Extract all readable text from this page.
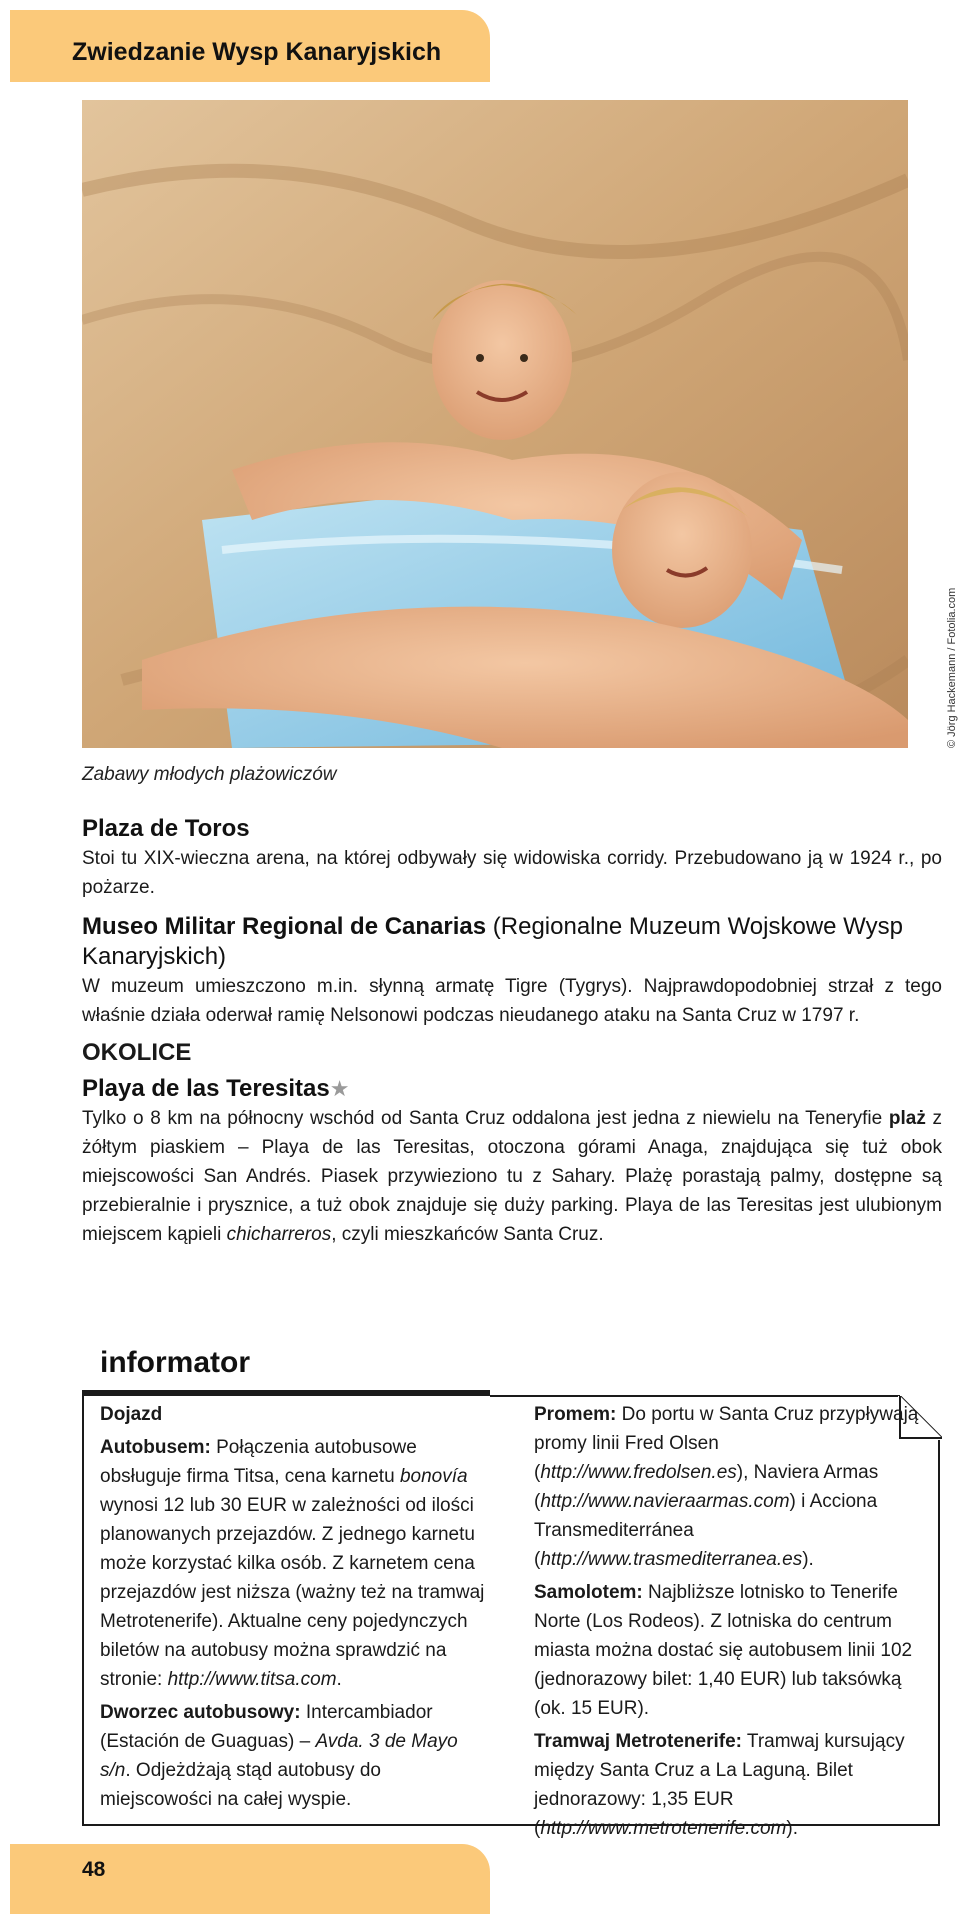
Zwiedzanie Wysp Kanaryjskich
© Jörg Hackemann / Fotolia.com
Zabawy młodych plażowiczów
Plaza de Toros
Stoi tu XIX-wieczna arena, na której odbywały się widowiska corridy. Przebudowano ją w 1924 r., po pożarze.
Museo Militar Regional de Canarias (Regionalne Muzeum Wojskowe Wysp Kanaryjskich)
W muzeum umieszczono m.in. słynną armatę Tigre (Tygrys). Najprawdopodobniej strzał z tego właśnie działa oderwał ramię Nelsonowi podczas nieudanego ataku na Santa Cruz w 1797 r.
OKOLICE
Playa de las Teresitas★
Tylko o 8 km na północny wschód od Santa Cruz oddalona jest jedna z niewielu na Teneryfie plaż z żółtym piaskiem – Playa de las Teresitas, otoczona górami Anaga, znajdująca się tuż obok miejscowości San Andrés. Piasek przywieziono tu z Sahary. Plażę porastają palmy, dostępne są przebieralnie i prysznice, a tuż obok znajduje się duży parking. Playa de las Teresitas jest ulubionym miejscem kąpieli chicharreros, czyli mieszkańców Santa Cruz.
informator
Dojazd
Autobusem: Połączenia autobusowe obsługuje firma Titsa, cena karnetu bonovía wynosi 12 lub 30 EUR w zależności od ilości planowanych przejazdów. Z jednego karnetu może korzystać kilka osób. Z karnetem cena przejazdów jest niższa (ważny też na tramwaj Metrotenerife). Aktualne ceny pojedynczych biletów na autobusy można sprawdzić na stronie: http://www.titsa.com.
Dworzec autobusowy: Intercambiador (Estación de Guaguas) – Avda. 3 de Mayo s/n. Odjeżdżają stąd autobusy do miejscowości na całej wyspie.
Promem: Do portu w Santa Cruz przypływają promy linii Fred Olsen (http://www.fredolsen.es), Naviera Armas (http://www.navieraarmas.com) i Acciona Transmediterránea (http://www.trasmediterranea.es).
Samolotem: Najbliższe lotnisko to Tenerife Norte (Los Rodeos). Z lotniska do centrum miasta można dostać się autobusem linii 102 (jednorazowy bilet: 1,40 EUR) lub taksówką (ok. 15 EUR).
Tramwaj Metrotenerife: Tramwaj kursujący między Santa Cruz a La Laguną. Bilet jednorazowy: 1,35 EUR (http://www.metrotenerife.com).
48
